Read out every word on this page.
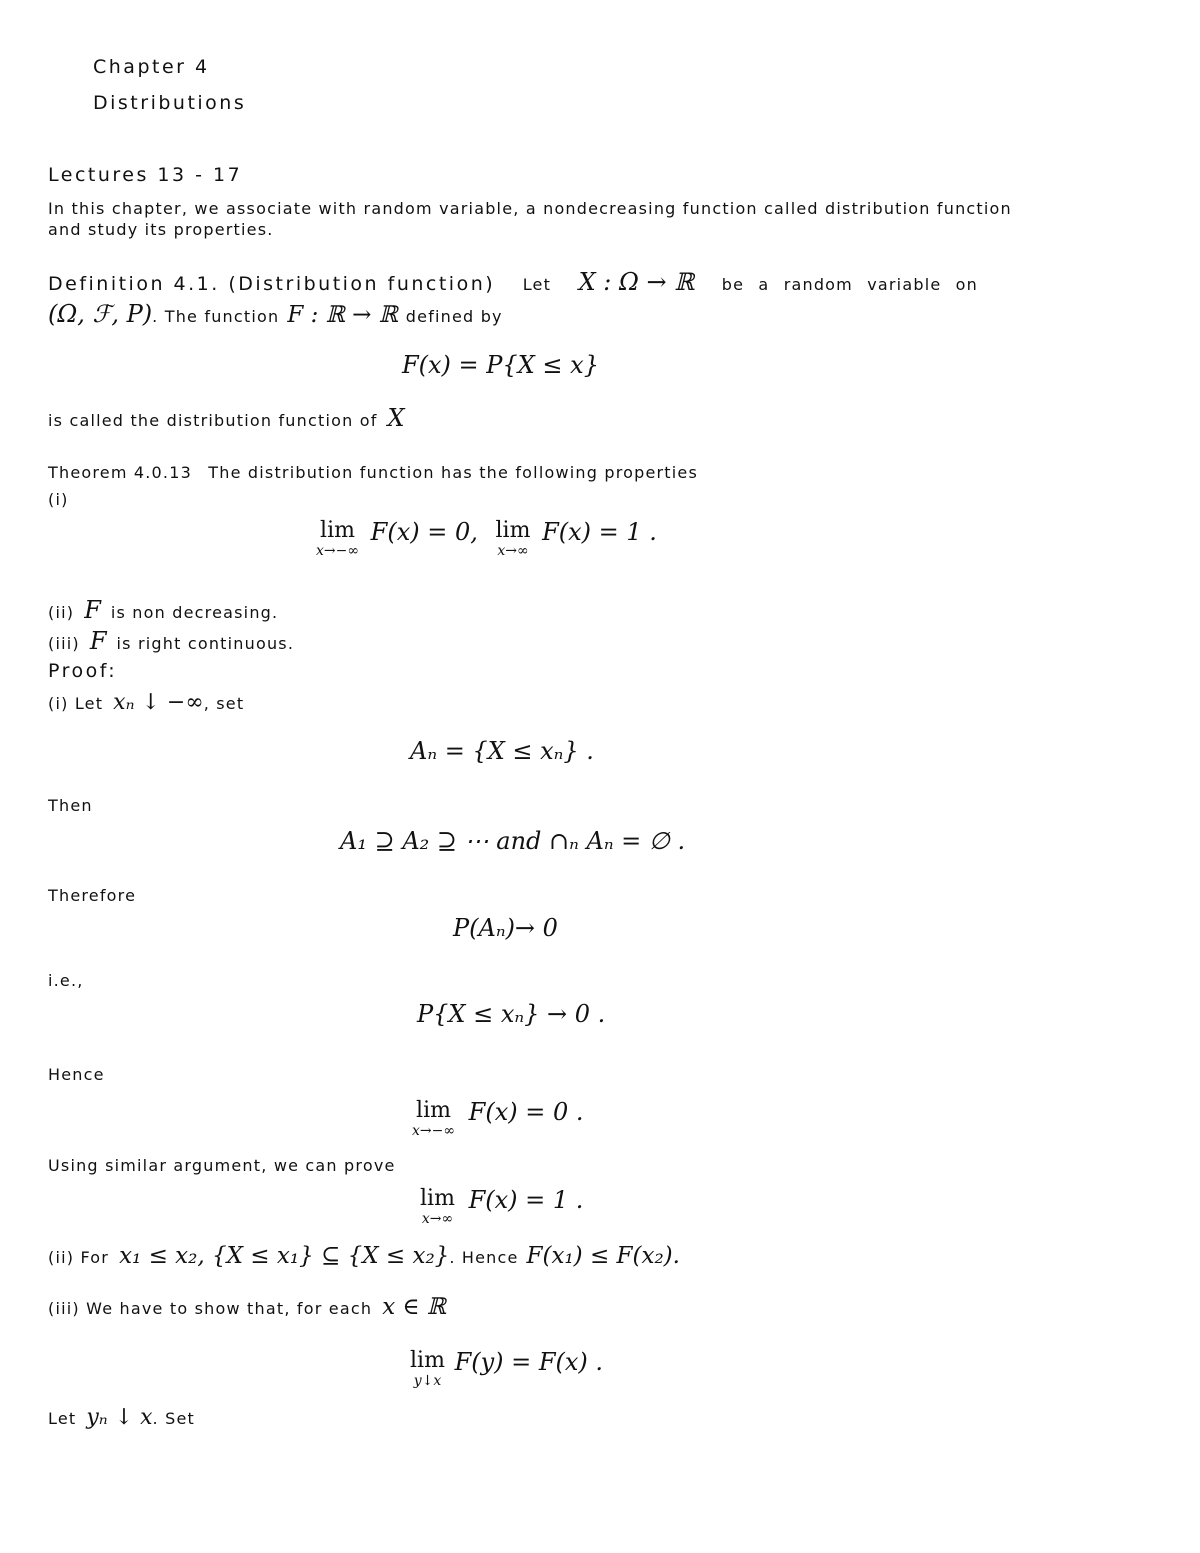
Chapter 4
Distributions
Lectures 13 - 17
In this chapter, we associate with random variable, a nondecreasing function called distribution function
and study its properties.
Definition 4.1. (Distribution function) Let X : Ω → ℝ be a random variable on
(Ω, ℱ, P). The function F : ℝ → ℝ defined by
F(x) = P{X ≤ x}
is called the distribution function of X
Theorem 4.0.13 The distribution function has the following properties
(i)
lim
x→−∞
F(x) = 0, lim
x→∞
F(x) = 1 .
(ii) F is non decreasing.
(iii) F is right continuous.
Proof:
(i) Let xₙ ↓ −∞, set
Aₙ = {X ≤ xₙ} .
Then
A₁ ⊇ A₂ ⊇ ⋯ and ∩ₙ Aₙ = ∅ .
Therefore
P(Aₙ)→ 0
i.e.,
P{X ≤ xₙ} → 0 .
Hence
lim
x→−∞
F(x) = 0 .
Using similar argument, we can prove
lim
x→∞
F(x) = 1 .
(ii) For x₁ ≤ x₂, {X ≤ x₁} ⊆ {X ≤ x₂}. Hence F(x₁) ≤ F(x₂).
(iii) We have to show that, for each x ∈ ℝ
lim
y↓x
F(y) = F(x) .
Let yₙ ↓ x. Set
